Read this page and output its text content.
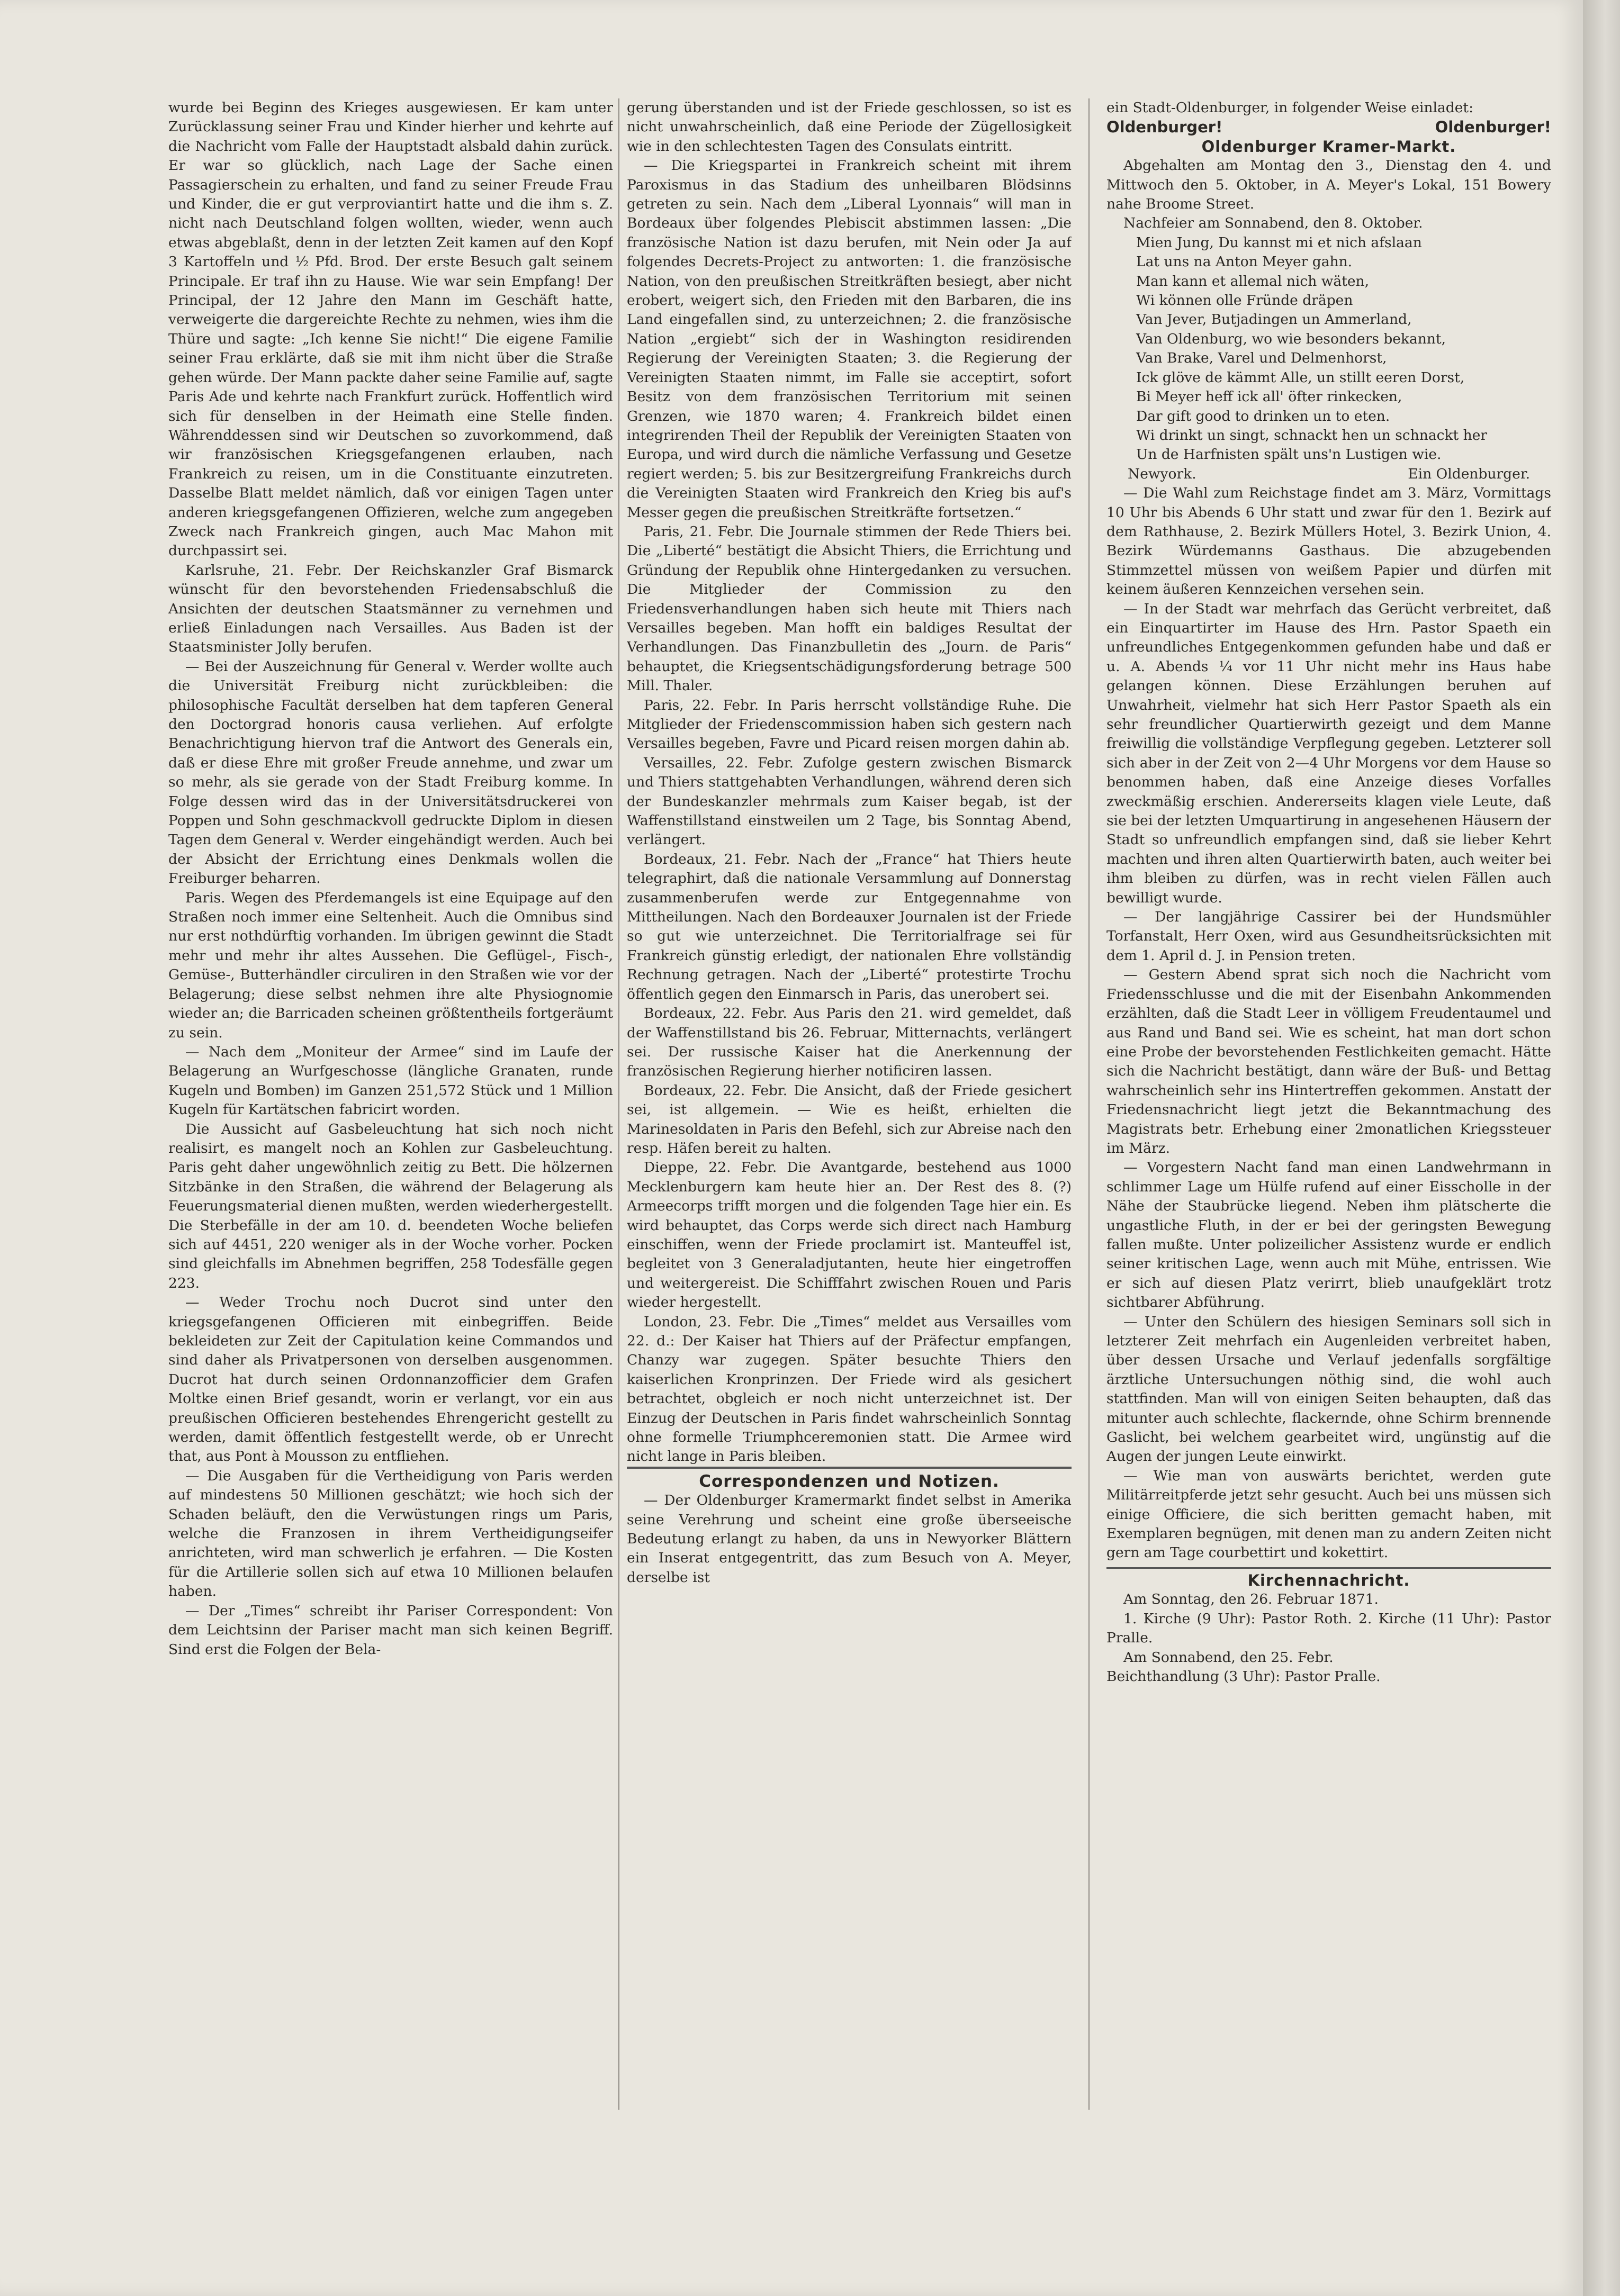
wurde bei Beginn des Krieges ausgewiesen. Er kam unter Zurücklassung seiner Frau und Kinder hierher und kehrte auf die Nachricht vom Falle der Hauptstadt alsbald dahin zurück. Er war so glücklich, nach Lage der Sache einen Passagierschein zu erhalten, und fand zu seiner Freude Frau und Kinder, die er gut verproviantirt hatte und die ihm s. Z. nicht nach Deutschland folgen wollten, wieder, wenn auch etwas abgeblaßt, denn in der letzten Zeit kamen auf den Kopf 3 Kartoffeln und ½ Pfd. Brod. Der erste Besuch galt seinem Principale. Er traf ihn zu Hause. Wie war sein Empfang! Der Principal, der 12 Jahre den Mann im Geschäft hatte, verweigerte die dargereichte Rechte zu nehmen, wies ihm die Thüre und sagte: „Ich kenne Sie nicht!“ Die eigene Familie seiner Frau erklärte, daß sie mit ihm nicht über die Straße gehen würde. Der Mann packte daher seine Familie auf, sagte Paris Ade und kehrte nach Frankfurt zurück. Hoffentlich wird sich für denselben in der Heimath eine Stelle finden. Währenddessen sind wir Deutschen so zuvorkommend, daß wir französischen Kriegsgefangenen erlauben, nach Frankreich zu reisen, um in die Constituante einzutreten. Dasselbe Blatt meldet nämlich, daß vor einigen Tagen unter anderen kriegsgefangenen Offizieren, welche zum angegeben Zweck nach Frankreich gingen, auch Mac Mahon mit durchpassirt sei.

Karlsruhe, 21. Febr. Der Reichskanzler Graf Bismarck wünscht für den bevorstehenden Friedensabschluß die Ansichten der deutschen Staatsmänner zu vernehmen und erließ Einladungen nach Versailles. Aus Baden ist der Staatsminister Jolly berufen.

— Bei der Auszeichnung für General v. Werder wollte auch die Universität Freiburg nicht zurückbleiben: die philosophische Facultät derselben hat dem tapferen General den Doctorgrad honoris causa verliehen. Auf erfolgte Benachrichtigung hiervon traf die Antwort des Generals ein, daß er diese Ehre mit großer Freude annehme, und zwar um so mehr, als sie gerade von der Stadt Freiburg komme. In Folge dessen wird das in der Universitätsdruckerei von Poppen und Sohn geschmackvoll gedruckte Diplom in diesen Tagen dem General v. Werder eingehändigt werden. Auch bei der Absicht der Errichtung eines Denkmals wollen die Freiburger beharren.

Paris. Wegen des Pferdemangels ist eine Equipage auf den Straßen noch immer eine Seltenheit. Auch die Omnibus sind nur erst nothdürftig vorhanden. Im übrigen gewinnt die Stadt mehr und mehr ihr altes Aussehen. Die Geflügel-, Fisch-, Gemüse-, Butterhändler circuliren in den Straßen wie vor der Belagerung; diese selbst nehmen ihre alte Physiognomie wieder an; die Barricaden scheinen größtentheils fortgeräumt zu sein.

— Nach dem „Moniteur der Armee“ sind im Laufe der Belagerung an Wurfgeschosse (längliche Granaten, runde Kugeln und Bomben) im Ganzen 251,572 Stück und 1 Million Kugeln für Kartätschen fabricirt worden.

Die Aussicht auf Gasbeleuchtung hat sich noch nicht realisirt, es mangelt noch an Kohlen zur Gasbeleuchtung. Paris geht daher ungewöhnlich zeitig zu Bett. Die hölzernen Sitzbänke in den Straßen, die während der Belagerung als Feuerungsmaterial dienen mußten, werden wiederhergestellt. Die Sterbefälle in der am 10. d. beendeten Woche beliefen sich auf 4451, 220 weniger als in der Woche vorher. Pocken sind gleichfalls im Abnehmen begriffen, 258 Todesfälle gegen 223.

— Weder Trochu noch Ducrot sind unter den kriegsgefangenen Officieren mit einbegriffen. Beide bekleideten zur Zeit der Capitulation keine Commandos und sind daher als Privatpersonen von derselben ausgenommen. Ducrot hat durch seinen Ordonnanzofficier dem Grafen Moltke einen Brief gesandt, worin er verlangt, vor ein aus preußischen Officieren bestehendes Ehrengericht gestellt zu werden, damit öffentlich festgestellt werde, ob er Unrecht that, aus Pont à Mousson zu entfliehen.

— Die Ausgaben für die Vertheidigung von Paris werden auf mindestens 50 Millionen geschätzt; wie hoch sich der Schaden beläuft, den die Verwüstungen rings um Paris, welche die Franzosen in ihrem Vertheidigungseifer anrichteten, wird man schwerlich je erfahren. — Die Kosten für die Artillerie sollen sich auf etwa 10 Millionen belaufen haben.

— Der „Times“ schreibt ihr Pariser Correspondent: Von dem Leichtsinn der Pariser macht man sich keinen Begriff. Sind erst die Folgen der Bela-

gerung überstanden und ist der Friede geschlossen, so ist es nicht unwahrscheinlich, daß eine Periode der Zügellosigkeit wie in den schlechtesten Tagen des Consulats eintritt.

— Die Kriegspartei in Frankreich scheint mit ihrem Paroxismus in das Stadium des unheilbaren Blödsinns getreten zu sein. Nach dem „Liberal Lyonnais“ will man in Bordeaux über folgendes Plebiscit abstimmen lassen: „Die französische Nation ist dazu berufen, mit Nein oder Ja auf folgendes Decrets-Project zu antworten: 1. die französische Nation, von den preußischen Streitkräften besiegt, aber nicht erobert, weigert sich, den Frieden mit den Barbaren, die ins Land eingefallen sind, zu unterzeichnen; 2. die französische Nation „ergiebt“ sich der in Washington residirenden Regierung der Vereinigten Staaten; 3. die Regierung der Vereinigten Staaten nimmt, im Falle sie acceptirt, sofort Besitz von dem französischen Territorium mit seinen Grenzen, wie 1870 waren; 4. Frankreich bildet einen integrirenden Theil der Republik der Vereinigten Staaten von Europa, und wird durch die nämliche Verfassung und Gesetze regiert werden; 5. bis zur Besitzergreifung Frankreichs durch die Vereinigten Staaten wird Frankreich den Krieg bis auf's Messer gegen die preußischen Streitkräfte fortsetzen.“

Paris, 21. Febr. Die Journale stimmen der Rede Thiers bei. Die „Liberté“ bestätigt die Absicht Thiers, die Errichtung und Gründung der Republik ohne Hintergedanken zu versuchen. Die Mitglieder der Commission zu den Friedensverhandlungen haben sich heute mit Thiers nach Versailles begeben. Man hofft ein baldiges Resultat der Verhandlungen. Das Finanzbulletin des „Journ. de Paris“ behauptet, die Kriegsentschädigungsforderung betrage 500 Mill. Thaler.

Paris, 22. Febr. In Paris herrscht vollständige Ruhe. Die Mitglieder der Friedenscommission haben sich gestern nach Versailles begeben, Favre und Picard reisen morgen dahin ab.

Versailles, 22. Febr. Zufolge gestern zwischen Bismarck und Thiers stattgehabten Verhandlungen, während deren sich der Bundeskanzler mehrmals zum Kaiser begab, ist der Waffenstillstand einstweilen um 2 Tage, bis Sonntag Abend, verlängert.

Bordeaux, 21. Febr. Nach der „France“ hat Thiers heute telegraphirt, daß die nationale Versammlung auf Donnerstag zusammenberufen werde zur Entgegennahme von Mittheilungen. Nach den Bordeauxer Journalen ist der Friede so gut wie unterzeichnet. Die Territorialfrage sei für Frankreich günstig erledigt, der nationalen Ehre vollständig Rechnung getragen. Nach der „Liberté“ protestirte Trochu öffentlich gegen den Einmarsch in Paris, das unerobert sei.

Bordeaux, 22. Febr. Aus Paris den 21. wird gemeldet, daß der Waffenstillstand bis 26. Februar, Mitternachts, verlängert sei. Der russische Kaiser hat die Anerkennung der französischen Regierung hierher notificiren lassen.

Bordeaux, 22. Febr. Die Ansicht, daß der Friede gesichert sei, ist allgemein. — Wie es heißt, erhielten die Marinesoldaten in Paris den Befehl, sich zur Abreise nach den resp. Häfen bereit zu halten.

Dieppe, 22. Febr. Die Avantgarde, bestehend aus 1000 Mecklenburgern kam heute hier an. Der Rest des 8. (?) Armeecorps trifft morgen und die folgenden Tage hier ein. Es wird behauptet, das Corps werde sich direct nach Hamburg einschiffen, wenn der Friede proclamirt ist. Manteuffel ist, begleitet von 3 Generaladjutanten, heute hier eingetroffen und weitergereist. Die Schifffahrt zwischen Rouen und Paris wieder hergestellt.

London, 23. Febr. Die „Times“ meldet aus Versailles vom 22. d.: Der Kaiser hat Thiers auf der Präfectur empfangen, Chanzy war zugegen. Später besuchte Thiers den kaiserlichen Kronprinzen. Der Friede wird als gesichert betrachtet, obgleich er noch nicht unterzeichnet ist. Der Einzug der Deutschen in Paris findet wahrscheinlich Sonntag ohne formelle Triumphceremonien statt. Die Armee wird nicht lange in Paris bleiben.

Correspondenzen und Notizen.

— Der Oldenburger Kramermarkt findet selbst in Amerika seine Verehrung und scheint eine große überseeische Bedeutung erlangt zu haben, da uns in Newyorker Blättern ein Inserat entgegentritt, das zum Besuch von A. Meyer, derselbe ist

ein Stadt-Oldenburger, in folgender Weise einladet:

Oldenburger!	Oldenburger!

Oldenburger Kramer-Markt.

Abgehalten am Montag den 3., Dienstag den 4. und Mittwoch den 5. Oktober, in A. Meyer's Lokal, 151 Bowery nahe Broome Street.

Nachfeier am Sonnabend, den 8. Oktober.

Mien Jung, Du kannst mi et nich afslaan

Lat uns na Anton Meyer gahn.

Man kann et allemal nich wäten,

Wi können olle Fründe dräpen

Van Jever, Butjadingen un Ammerland,

Van Oldenburg, wo wie besonders bekannt,

Van Brake, Varel und Delmenhorst,

Ick glöve de kämmt Alle, un stillt eeren Dorst,

Bi Meyer heff ick all' öfter rinkecken,

Dar gift good to drinken un to eten.

Wi drinkt un singt, schnackt hen un schnackt her

Un de Harfnisten spält uns'n Lustigen wie.

Newyork.	Ein Oldenburger.

— Die Wahl zum Reichstage findet am 3. März, Vormittags 10 Uhr bis Abends 6 Uhr statt und zwar für den 1. Bezirk auf dem Rathhause, 2. Bezirk Müllers Hotel, 3. Bezirk Union, 4. Bezirk Würdemanns Gasthaus. Die abzugebenden Stimmzettel müssen von weißem Papier und dürfen mit keinem äußeren Kennzeichen versehen sein.

— In der Stadt war mehrfach das Gerücht verbreitet, daß ein Einquartirter im Hause des Hrn. Pastor Spaeth ein unfreundliches Entgegenkommen gefunden habe und daß er u. A. Abends ¼ vor 11 Uhr nicht mehr ins Haus habe gelangen können. Diese Erzählungen beruhen auf Unwahrheit, vielmehr hat sich Herr Pastor Spaeth als ein sehr freundlicher Quartierwirth gezeigt und dem Manne freiwillig die vollständige Verpflegung gegeben. Letzterer soll sich aber in der Zeit von 2—4 Uhr Morgens vor dem Hause so benommen haben, daß eine Anzeige dieses Vorfalles zweckmäßig erschien. Andererseits klagen viele Leute, daß sie bei der letzten Umquartirung in angesehenen Häusern der Stadt so unfreundlich empfangen sind, daß sie lieber Kehrt machten und ihren alten Quartierwirth baten, auch weiter bei ihm bleiben zu dürfen, was in recht vielen Fällen auch bewilligt wurde.

— Der langjährige Cassirer bei der Hundsmühler Torfanstalt, Herr Oxen, wird aus Gesundheitsrücksichten mit dem 1. April d. J. in Pension treten.

— Gestern Abend sprat sich noch die Nachricht vom Friedensschlusse und die mit der Eisenbahn Ankommenden erzählten, daß die Stadt Leer in völligem Freudentaumel und aus Rand und Band sei. Wie es scheint, hat man dort schon eine Probe der bevorstehenden Festlichkeiten gemacht. Hätte sich die Nachricht bestätigt, dann wäre der Buß- und Bettag wahrscheinlich sehr ins Hintertreffen gekommen. Anstatt der Friedensnachricht liegt jetzt die Bekanntmachung des Magistrats betr. Erhebung einer 2monatlichen Kriegssteuer im März.

— Vorgestern Nacht fand man einen Landwehrmann in schlimmer Lage um Hülfe rufend auf einer Eisscholle in der Nähe der Staubrücke liegend. Neben ihm plätscherte die ungastliche Fluth, in der er bei der geringsten Bewegung fallen mußte. Unter polizeilicher Assistenz wurde er endlich seiner kritischen Lage, wenn auch mit Mühe, entrissen. Wie er sich auf diesen Platz verirrt, blieb unaufgeklärt trotz sichtbarer Abführung.

— Unter den Schülern des hiesigen Seminars soll sich in letzterer Zeit mehrfach ein Augenleiden verbreitet haben, über dessen Ursache und Verlauf jedenfalls sorgfältige ärztliche Untersuchungen nöthig sind, die wohl auch stattfinden. Man will von einigen Seiten behaupten, daß das mitunter auch schlechte, flackernde, ohne Schirm brennende Gaslicht, bei welchem gearbeitet wird, ungünstig auf die Augen der jungen Leute einwirkt.

— Wie man von auswärts berichtet, werden gute Militärreitpferde jetzt sehr gesucht. Auch bei uns müssen sich einige Officiere, die sich beritten gemacht haben, mit Exemplaren begnügen, mit denen man zu andern Zeiten nicht gern am Tage courbettirt und kokettirt.

Kirchennachricht.

Am Sonntag, den 26. Februar 1871.

1. Kirche (9 Uhr): Pastor Roth. 2. Kirche (11 Uhr): Pastor Pralle.

Am Sonnabend, den 25. Febr.

Beichthandlung (3 Uhr): Pastor Pralle.
